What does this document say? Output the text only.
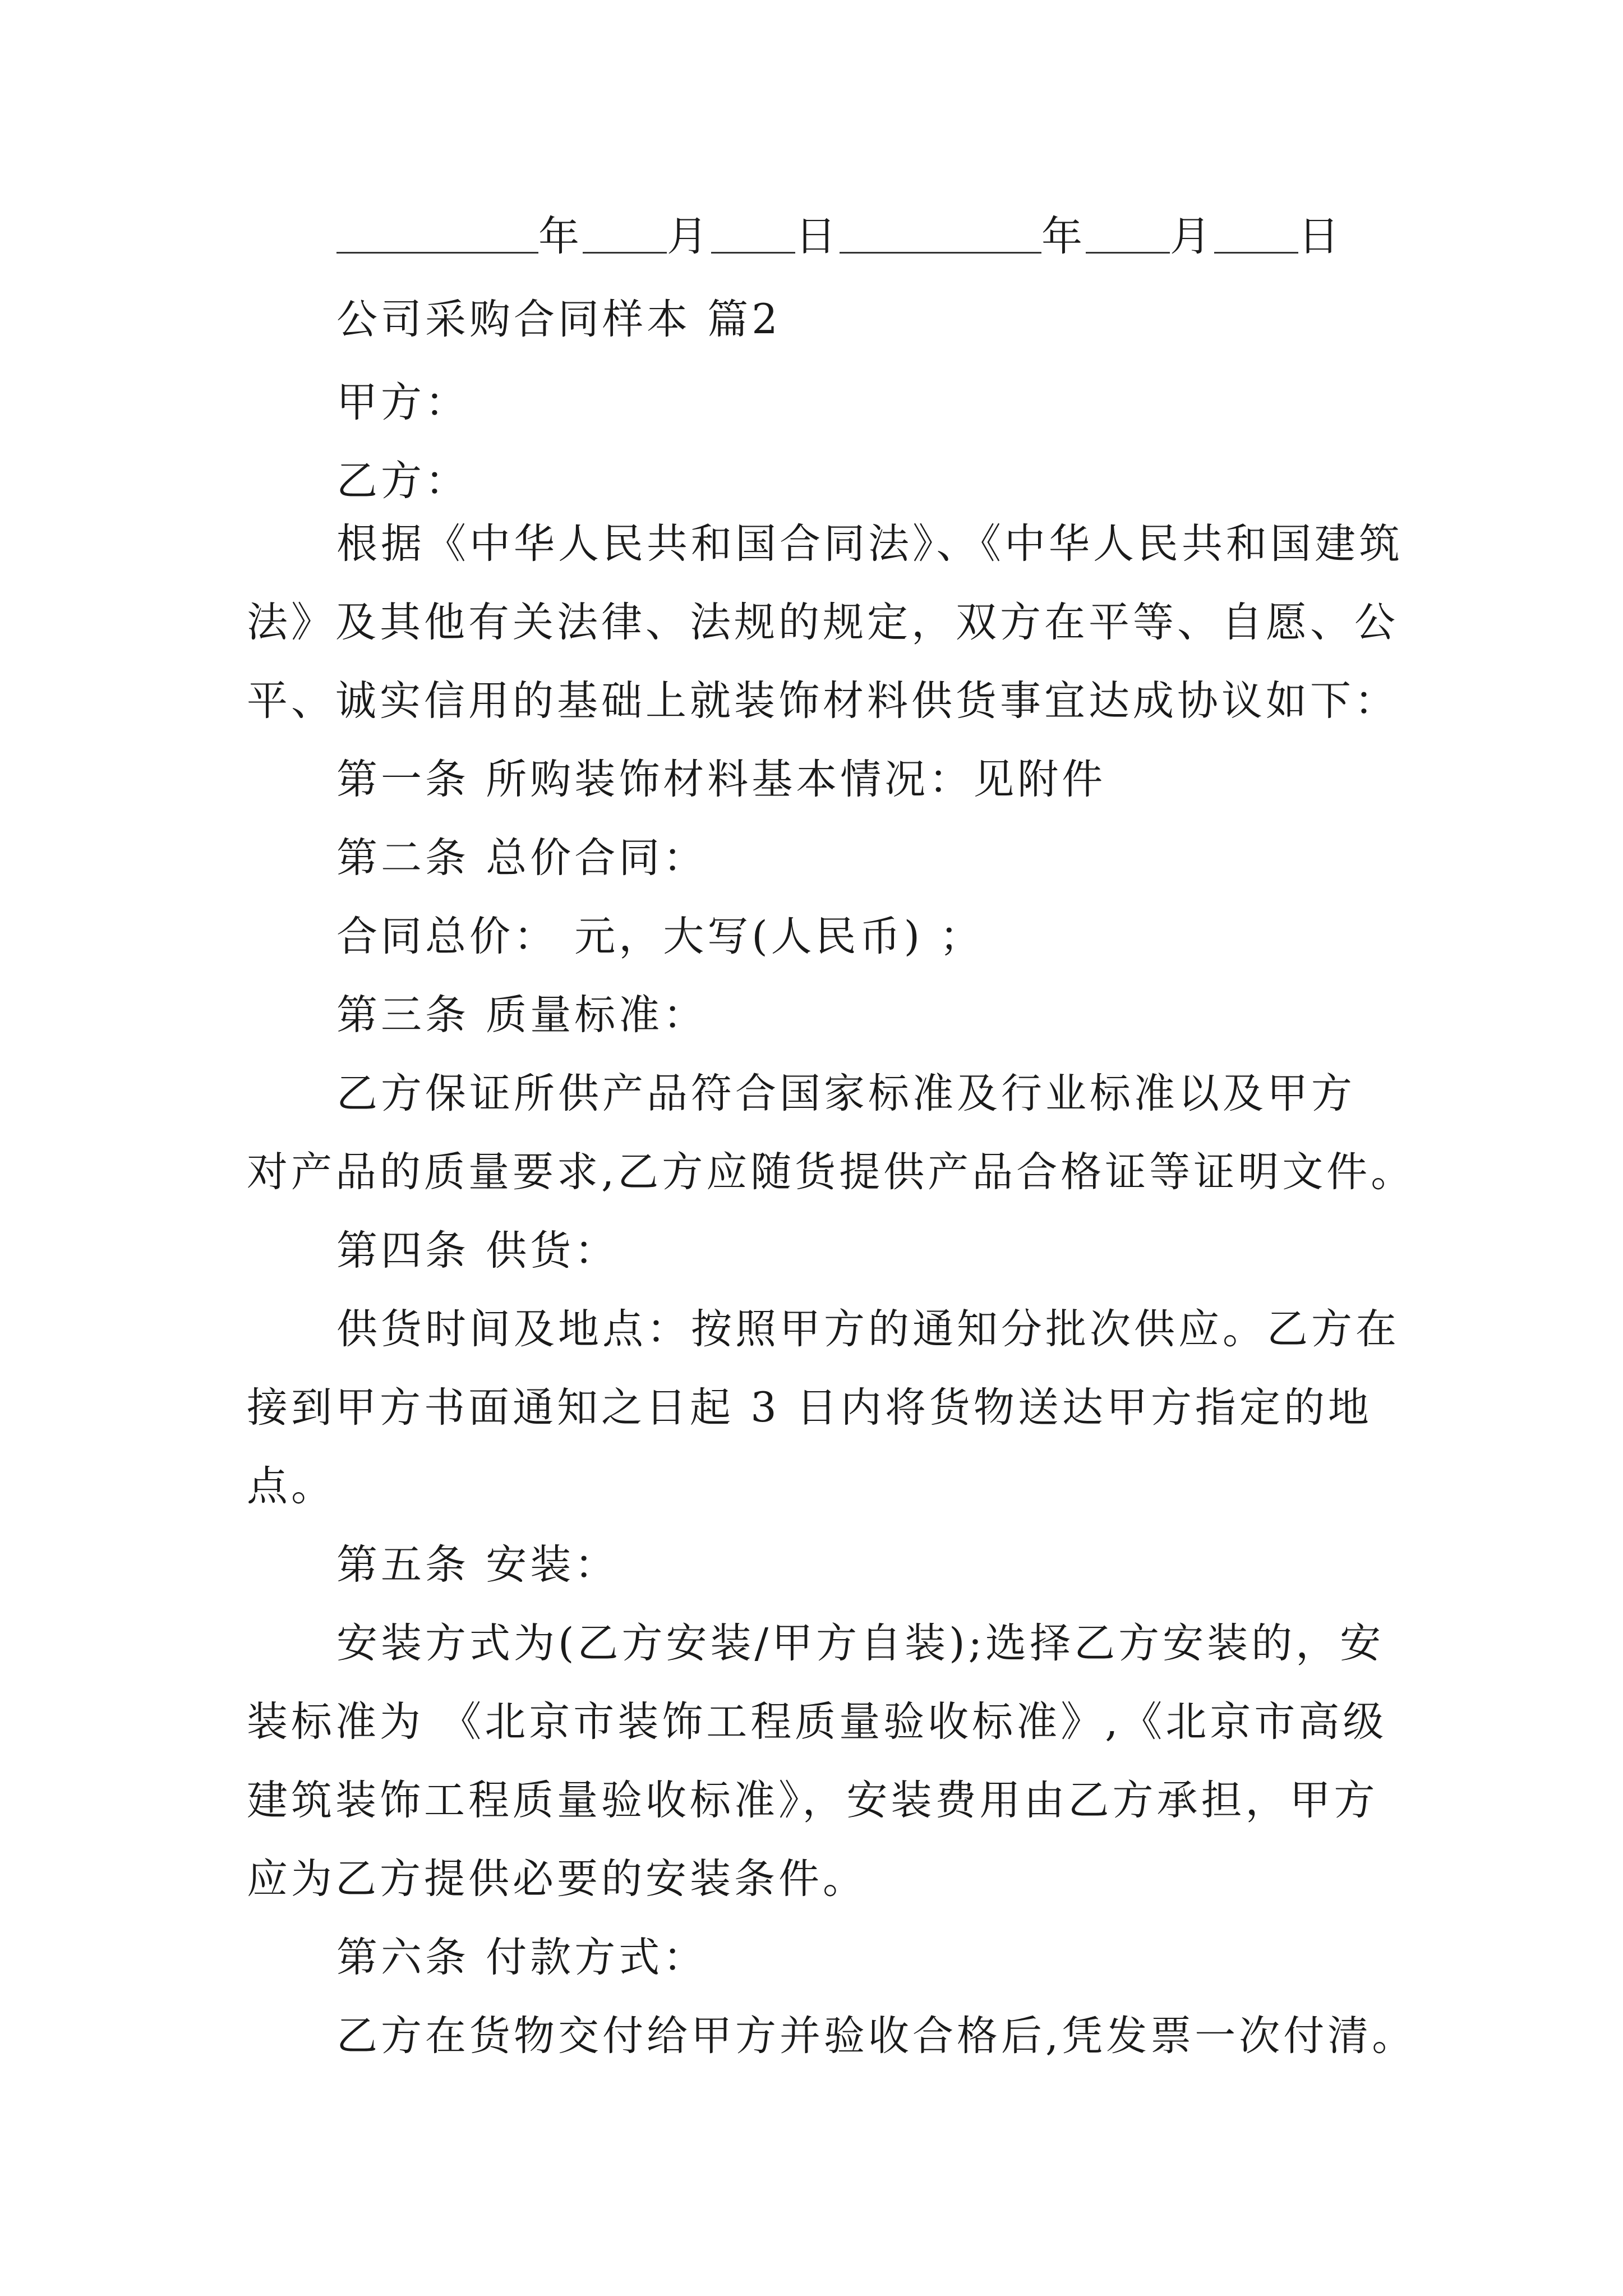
年 月 日	年 月 日
公司采购合同样本 篇2
甲方：
乙方：
根据《中华人民共和国合同法》、《中华人民共和国建筑
法》及其他有关法律、法规的规定，双方在平等、自愿、公
平、诚实信用的基础上就装饰材料供货事宜达成协议如下：
第一条 所购装饰材料基本情况：见附件
第二条 总价合同：
合同总价： 元，大写(人民币) ；
第三条 质量标准：
乙方保证所供产品符合国家标准及行业标准以及甲方
对产品的质量要求,乙方应随货提供产品合格证等证明文件。
第四条 供货：
供货时间及地点：按照甲方的通知分批次供应。乙方在
接到甲方书面通知之日起 3 日内将货物送达甲方指定的地
点。
第五条 安装：
安装方式为(乙方安装/甲方自装);选择乙方安装的，安
装标准为 《北京市装饰工程质量验收标准》,《北京市高级
建筑装饰工程质量验收标准》，安装费用由乙方承担，甲方
应为乙方提供必要的安装条件。
第六条 付款方式：
乙方在货物交付给甲方并验收合格后,凭发票一次付清。
